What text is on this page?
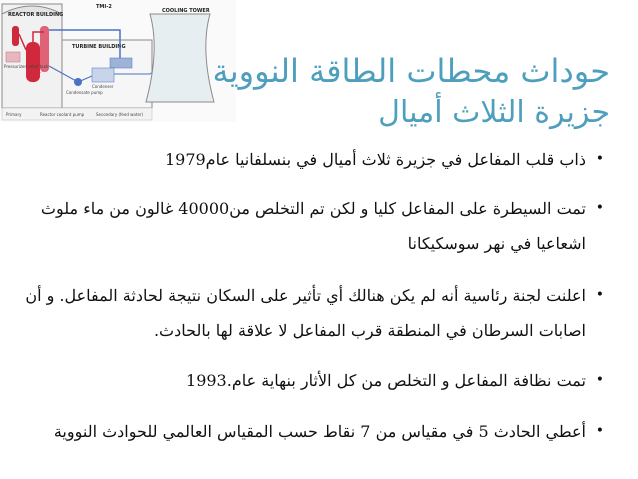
REACTOR BUILDING
Pressurized relief tank
TURBINE BUILDING
Condenser
Condensate pump
COOLING TOWER
TMI-2
Primary	Reactor coolant pump	Secondary (feed water)
حوداث محطات الطاقة النووية
جزيرة الثلاث أميال
•
ذاب قلب المفاعل في جزيرة ثلاث أميال في بنسلفانيا عام1979
•
تمت السيطرة على المفاعل كليا و لكن تم التخلص من40000 غالون من ماء ملوث
اشعاعيا في نهر سوسكيكانا
•
اعلنت لجنة رئاسية أنه لم يكن هنالك أي تأثير على السكان نتيجة لحادثة المفاعل. و أن
اصابات السرطان في المنطقة قرب المفاعل لا علاقة لها بالحادث.
•
تمت نظافة المفاعل و التخلص من كل الأثار بنهاية عام.1993
•
أعطي الحادث 5 في مقياس من 7 نقاط حسب المقياس العالمي للحوادث النووية
